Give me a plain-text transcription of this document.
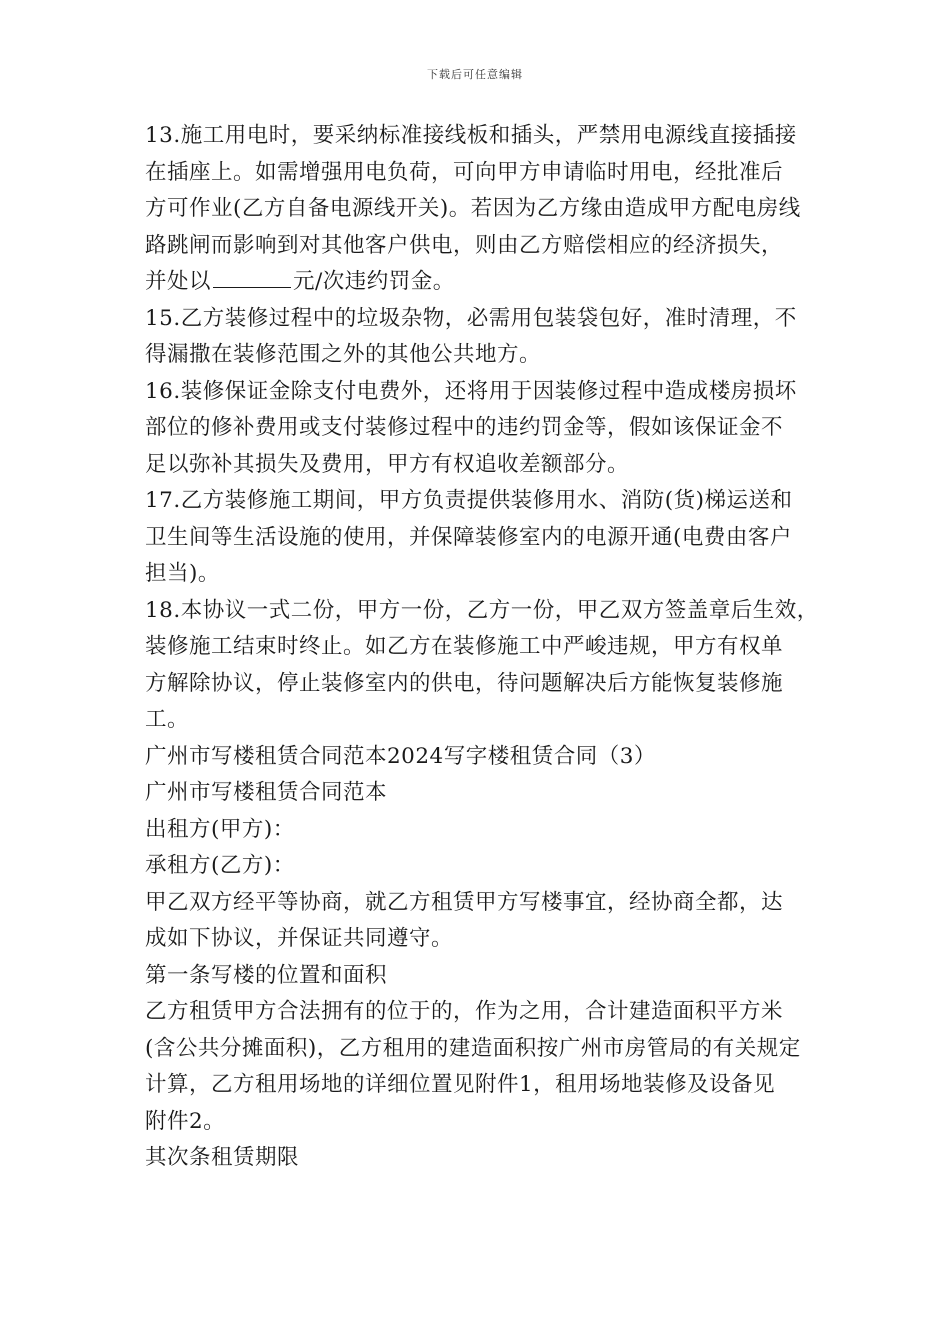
下载后可任意编辑

13.施工用电时，要采纳标准接线板和插头，严禁用电源线直接插接
在插座上。如需增强用电负荷，可向甲方申请临时用电，经批准后
方可作业(乙方自备电源线开关)。若因为乙方缘由造成甲方配电房线
路跳闸而影响到对其他客户供电，则由乙方赔偿相应的经济损失，
并处以	元/次违约罚金。

15.乙方装修过程中的垃圾杂物，必需用包装袋包好，准时清理，不
得漏撒在装修范围之外的其他公共地方。

16.装修保证金除支付电费外，还将用于因装修过程中造成楼房损坏
部位的修补费用或支付装修过程中的违约罚金等，假如该保证金不
足以弥补其损失及费用，甲方有权追收差额部分。

17.乙方装修施工期间，甲方负责提供装修用水、消防(货)梯运送和
卫生间等生活设施的使用，并保障装修室内的电源开通(电费由客户
担当)。

18.本协议一式二份，甲方一份，乙方一份，甲乙双方签盖章后生效，
装修施工结束时终止。如乙方在装修施工中严峻违规，甲方有权单
方解除协议，停止装修室内的供电，待问题解决后方能恢复装修施
工。

广州市写楼租赁合同范本2024写字楼租赁合同（3）

广州市写楼租赁合同范本

出租方(甲方)：

承租方(乙方)：

甲乙双方经平等协商，就乙方租赁甲方写楼事宜，经协商全都，达
成如下协议，并保证共同遵守。

第一条写楼的位置和面积

乙方租赁甲方合法拥有的位于的，作为之用，合计建造面积平方米
(含公共分摊面积)，乙方租用的建造面积按广州市房管局的有关规定
计算，乙方租用场地的详细位置见附件1，租用场地装修及设备见
附件2。

其次条租赁期限
